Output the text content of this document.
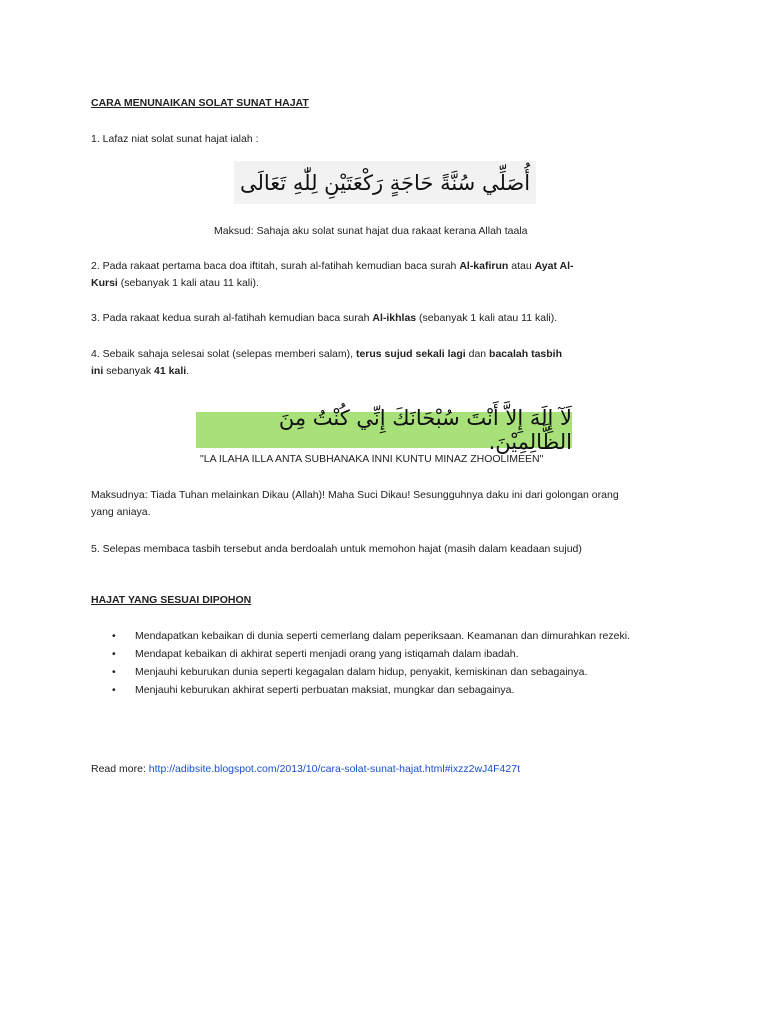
CARA MENUNAIKAN SOLAT SUNAT HAJAT
1. Lafaz niat solat sunat hajat ialah :
أُصَلِّي سُنَّةً حَاجَةٍ رَكْعَتَيْنِ لِلّٰهِ تَعَالَى
Maksud: Sahaja aku solat sunat hajat dua rakaat kerana Allah taala
2. Pada rakaat pertama baca doa iftitah, surah al-fatihah kemudian baca surah Al-kafirun atau Ayat Al-
Kursi (sebanyak 1 kali atau 11 kali).
3. Pada rakaat kedua surah al-fatihah kemudian baca surah Al-ikhlas (sebanyak 1 kali atau 11 kali).
4. Sebaik sahaja selesai solat (selepas memberi salam), terus sujud sekali lagi dan bacalah tasbih
ini sebanyak 41 kali.
لَآ إِلَهَ إِلاَّ أَنْتَ سُبْحَانَكَ إِنِّي كُنْتُ مِنَ الظَّالِمِيْنَ.
"LA ILAHA ILLA ANTA SUBHANAKA INNI KUNTU MINAZ ZHOOLIMEEN"
Maksudnya: Tiada Tuhan melainkan Dikau (Allah)! Maha Suci Dikau! Sesungguhnya daku ini dari golongan orang
yang aniaya.
5. Selepas membaca tasbih tersebut anda berdoalah untuk memohon hajat (masih dalam keadaan sujud)
HAJAT YANG SESUAI DIPOHON
• Mendapatkan kebaikan di dunia seperti cemerlang dalam peperiksaan. Keamanan dan dimurahkan rezeki.
• Mendapat kebaikan di akhirat seperti menjadi orang yang istiqamah dalam ibadah.
• Menjauhi keburukan dunia seperti kegagalan dalam hidup, penyakit, kemiskinan dan sebagainya.
• Menjauhi keburukan akhirat seperti perbuatan maksiat, mungkar dan sebagainya.
Read more: http://adibsite.blogspot.com/2013/10/cara-solat-sunat-hajat.html#ixzz2wJ4F427t
